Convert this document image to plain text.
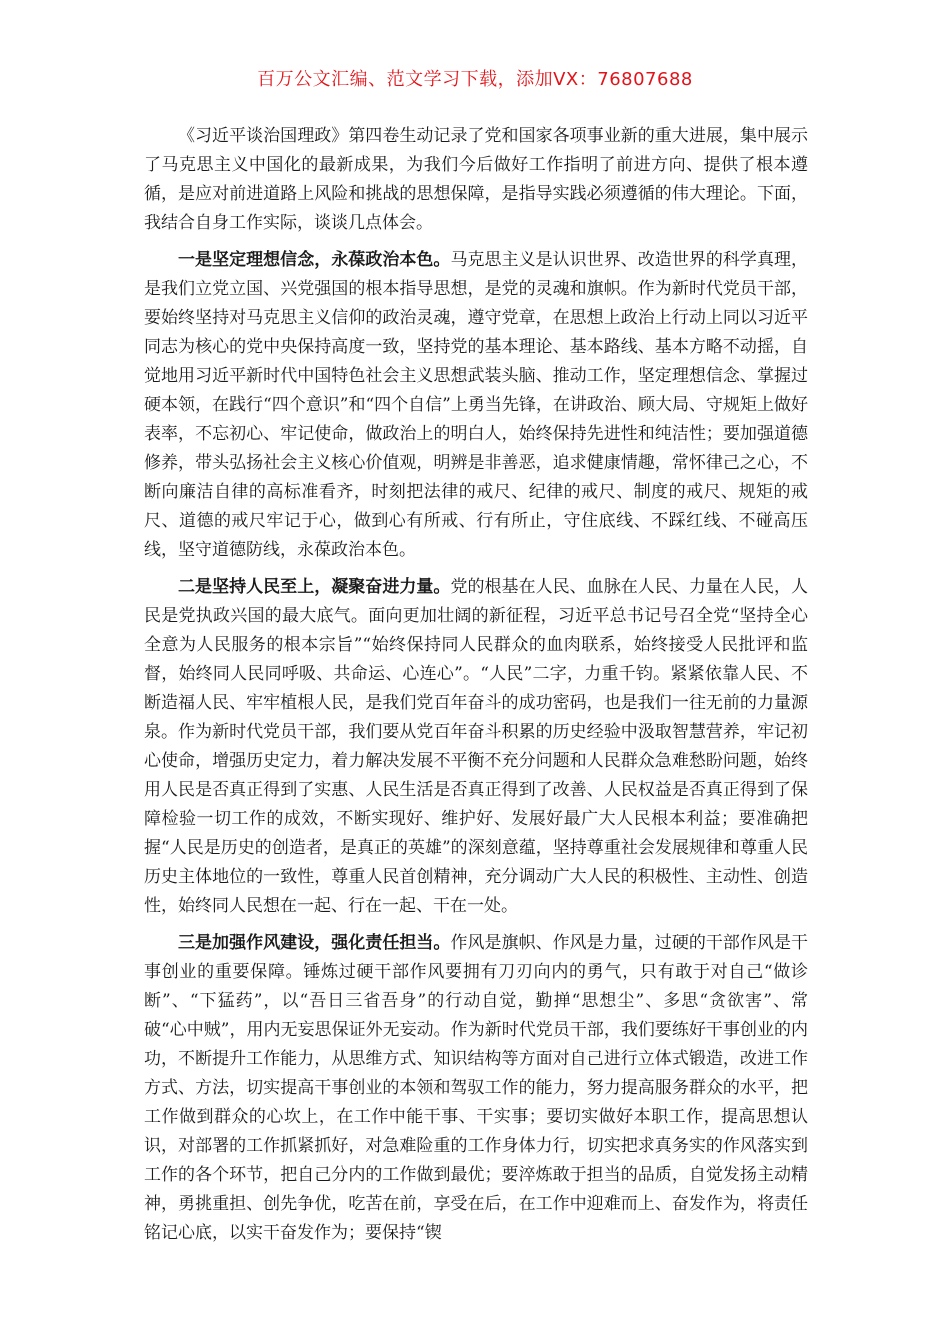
百万公文汇编、范文学习下载，添加VX：76807688

《习近平谈治国理政》第四卷生动记录了党和国家各项事业新的重大进展，集中展示了马克思主义中国化的最新成果，为我们今后做好工作指明了前进方向、提供了根本遵循，是应对前进道路上风险和挑战的思想保障，是指导实践必须遵循的伟大理论。下面，我结合自身工作实际，谈谈几点体会。

一是坚定理想信念，永葆政治本色。马克思主义是认识世界、改造世界的科学真理，是我们立党立国、兴党强国的根本指导思想，是党的灵魂和旗帜。作为新时代党员干部，要始终坚持对马克思主义信仰的政治灵魂，遵守党章，在思想上政治上行动上同以习近平同志为核心的党中央保持高度一致，坚持党的基本理论、基本路线、基本方略不动摇，自觉地用习近平新时代中国特色社会主义思想武装头脑、推动工作，坚定理想信念、掌握过硬本领，在践行“四个意识”和“四个自信”上勇当先锋，在讲政治、顾大局、守规矩上做好表率，不忘初心、牢记使命，做政治上的明白人，始终保持先进性和纯洁性；要加强道德修养，带头弘扬社会主义核心价值观，明辨是非善恶，追求健康情趣，常怀律己之心，不断向廉洁自律的高标准看齐，时刻把法律的戒尺、纪律的戒尺、制度的戒尺、规矩的戒尺、道德的戒尺牢记于心，做到心有所戒、行有所止，守住底线、不踩红线、不碰高压线，坚守道德防线，永葆政治本色。

二是坚持人民至上，凝聚奋进力量。党的根基在人民、血脉在人民、力量在人民，人民是党执政兴国的最大底气。面向更加壮阔的新征程，习近平总书记号召全党“坚持全心全意为人民服务的根本宗旨”“始终保持同人民群众的血肉联系，始终接受人民批评和监督，始终同人民同呼吸、共命运、心连心”。“人民”二字，力重千钧。紧紧依靠人民、不断造福人民、牢牢植根人民，是我们党百年奋斗的成功密码，也是我们一往无前的力量源泉。作为新时代党员干部，我们要从党百年奋斗积累的历史经验中汲取智慧营养，牢记初心使命，增强历史定力，着力解决发展不平衡不充分问题和人民群众急难愁盼问题，始终用人民是否真正得到了实惠、人民生活是否真正得到了改善、人民权益是否真正得到了保障检验一切工作的成效，不断实现好、维护好、发展好最广大人民根本利益；要准确把握“人民是历史的创造者，是真正的英雄”的深刻意蕴，坚持尊重社会发展规律和尊重人民历史主体地位的一致性，尊重人民首创精神，充分调动广大人民的积极性、主动性、创造性，始终同人民想在一起、行在一起、干在一处。

三是加强作风建设，强化责任担当。作风是旗帜、作风是力量，过硬的干部作风是干事创业的重要保障。锤炼过硬干部作风要拥有刀刃向内的勇气，只有敢于对自己“做诊断”、“下猛药”，以“吾日三省吾身”的行动自觉，勤掸“思想尘”、多思“贪欲害”、常破“心中贼”，用内无妄思保证外无妄动。作为新时代党员干部，我们要练好干事创业的内功，不断提升工作能力，从思维方式、知识结构等方面对自己进行立体式锻造，改进工作方式、方法，切实提高干事创业的本领和驾驭工作的能力，努力提高服务群众的水平，把工作做到群众的心坎上，在工作中能干事、干实事；要切实做好本职工作，提高思想认识，对部署的工作抓紧抓好，对急难险重的工作身体力行，切实把求真务实的作风落实到工作的各个环节，把自己分内的工作做到最优；要淬炼敢于担当的品质，自觉发扬主动精神，勇挑重担、创先争优，吃苦在前，享受在后，在工作中迎难而上、奋发作为，将责任铭记心底，以实干奋发作为；要保持“锲
